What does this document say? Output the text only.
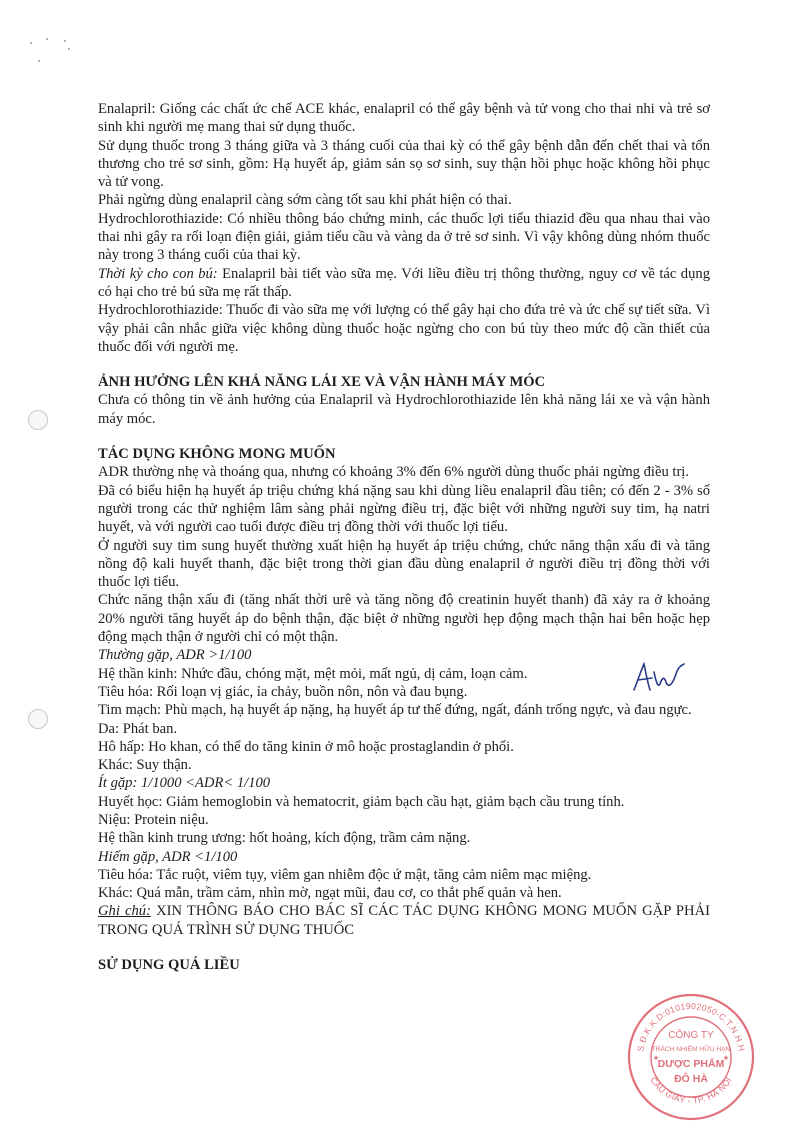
Enalapril: Giống các chất ức chế ACE khác, enalapril có thể gây bệnh và tử vong cho thai nhi và trẻ sơ sinh khi người mẹ mang thai sử dụng thuốc.

Sử dụng thuốc trong 3 tháng giữa và 3 tháng cuối của thai kỳ có thể gây bệnh dẫn đến chết thai và tổn thương cho trẻ sơ sinh, gồm: Hạ huyết áp, giảm sản sọ sơ sinh, suy thận hồi phục hoặc không hồi phục và tử vong.

Phải ngừng dùng enalapril càng sớm càng tốt sau khi phát hiện có thai.

Hydrochlorothiazide: Có nhiều thông báo chứng minh, các thuốc lợi tiểu thiazid đều qua nhau thai vào thai nhi gây ra rối loạn điện giải, giảm tiểu cầu và vàng da ở trẻ sơ sinh. Vì vậy không dùng nhóm thuốc này trong 3 tháng cuối của thai kỳ.

Thời kỳ cho con bú: Enalapril bài tiết vào sữa mẹ. Với liều điều trị thông thường, nguy cơ về tác dụng có hại cho trẻ bú sữa mẹ rất thấp.

Hydrochlorothiazide: Thuốc đi vào sữa mẹ với lượng có thể gây hại cho đứa trẻ và ức chế sự tiết sữa. Vì vậy phải cân nhắc giữa việc không dùng thuốc hoặc ngừng cho con bú tùy theo mức độ cần thiết của thuốc đối với người mẹ.

ẢNH HƯỞNG LÊN KHẢ NĂNG LÁI XE VÀ VẬN HÀNH MÁY MÓC

Chưa có thông tin về ảnh hưởng của Enalapril và Hydrochlorothiazide lên khả năng lái xe và vận hành máy móc.

TÁC DỤNG KHÔNG MONG MUỐN

ADR thường nhẹ và thoáng qua, nhưng có khoảng 3% đến 6% người dùng thuốc phải ngừng điều trị.

Đã có biểu hiện hạ huyết áp triệu chứng khá nặng sau khi dùng liều enalapril đầu tiên; có đến 2 - 3% số người trong các thử nghiệm lâm sàng phải ngừng điều trị, đặc biệt với những người suy tim, hạ natri huyết, và với người cao tuổi được điều trị đồng thời với thuốc lợi tiểu.

Ở người suy tim sung huyết thường xuất hiện hạ huyết áp triệu chứng, chức năng thận xấu đi và tăng nồng độ kali huyết thanh, đặc biệt trong thời gian đầu dùng enalapril ở người điều trị đồng thời với thuốc lợi tiểu.

Chức năng thận xấu đi (tăng nhất thời urê và tăng nồng độ creatinin huyết thanh) đã xảy ra ở khoảng 20% người tăng huyết áp do bệnh thận, đặc biệt ở những người hẹp động mạch thận hai bên hoặc hẹp động mạch thận ở người chỉ có một thận.

Thường gặp, ADR >1/100

Hệ thần kinh: Nhức đầu, chóng mặt, mệt mỏi, mất ngủ, dị cảm, loạn cảm.

Tiêu hóa: Rối loạn vị giác, ỉa chảy, buồn nôn, nôn và đau bụng.

Tim mạch: Phù mạch, hạ huyết áp nặng, hạ huyết áp tư thế đứng, ngất, đánh trống ngực, và đau ngực.

Da: Phát ban.

Hô hấp: Ho khan, có thể do tăng kinin ở mô hoặc prostaglandin ở phổi.

Khác: Suy thận.

Ít gặp: 1/1000 <ADR< 1/100

Huyết học: Giảm hemoglobin và hematocrit, giảm bạch cầu hạt, giảm bạch cầu trung tính.

Niệu: Protein niệu.

Hệ thần kinh trung ương: hốt hoảng, kích động, trầm cảm nặng.

Hiếm gặp, ADR <1/100

Tiêu hóa: Tắc ruột, viêm tụy, viêm gan nhiễm độc ứ mật, tăng cảm niêm mạc miệng.

Khác: Quá mẫn, trầm cảm, nhìn mờ, ngạt mũi, đau cơ, co thắt phế quản và hen.

Ghi chú: XIN THÔNG BÁO CHO BÁC SĨ CÁC TÁC DỤNG KHÔNG MONG MUỐN GẶP PHẢI TRONG QUÁ TRÌNH SỬ DỤNG THUỐC

SỬ DỤNG QUÁ LIỀU
S.Đ.K.K.D:0101902050-C.T.N.H.H
CẦU GIẤY - TP. HÀ NỘI
CÔNG TY
TRÁCH NHIỆM HỮU HẠN
DƯỢC PHẨM
ĐÔ HÀ
★	★
